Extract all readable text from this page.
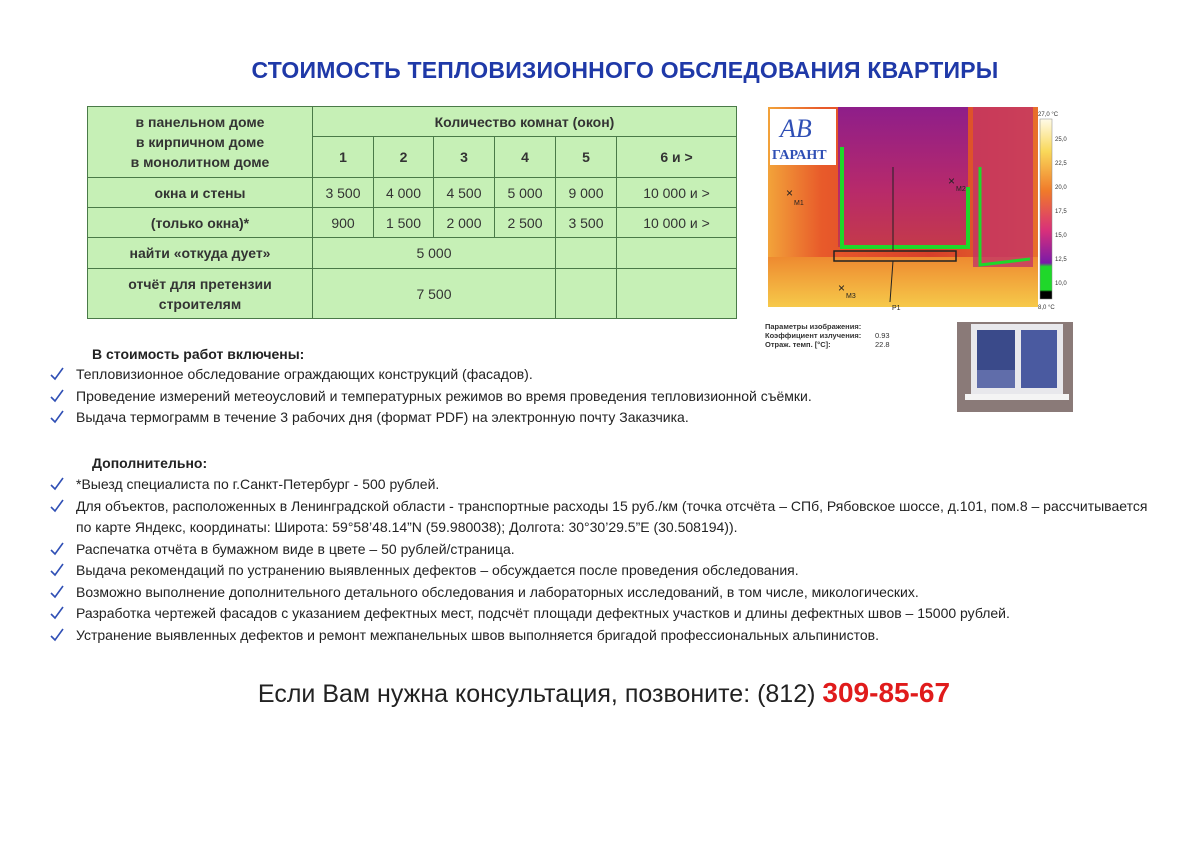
СТОИМОСТЬ ТЕПЛОВИЗИОННОГО ОБСЛЕДОВАНИЯ КВАРТИРЫ
в панельном доме
в кирпичном доме
в монолитном доме	Количество комнат (окон)					
	1	2	3	4	5	6 и >
окна и стены	3 500	4 000	4 500	5 000	9 000	10 000 и >
(только окна)*	900	1 500	2 000	2 500	3 500	10 000 и >
найти «откуда дует»	5 000					

отчёт для претензии
строителям	7 500					
×
M1
×
M2
×
M3
P1
АВ
ГАРАНТ
27,0 °C
8,0 °C
25,0
22,5
20,0
17,5
15,0
12,5
10,0
Параметры изображения:
Коэффициент излучения: 0.93
Отраж. темп. [°C]:	22.8
В стоимость работ включены:
Тепловизионное обследование ограждающих конструкций (фасадов).
Проведение измерений метеоусловий и температурных режимов во время проведения тепловизионной съёмки.
Выдача термограмм в течение 3 рабочих дня (формат PDF) на электронную почту Заказчика.
Дополнительно:
*Выезд специалиста по г.Санкт-Петербург - 500 рублей.
Для объектов, расположенных в Ленинградской области - транспортные расходы 15 руб./км (точка отсчёта – СПб, Рябовское шоссе, д.101, пом.8 – рассчитывается по карте Яндекс, координаты: Широта: 59°58’48.14”N (59.980038); Долгота: 30°30’29.5”E (30.508194)).
Распечатка отчёта в бумажном виде в цвете – 50 рублей/страница.
Выдача рекомендаций по устранению выявленных дефектов – обсуждается после проведения обследования.
Возможно выполнение дополнительного детального обследования и лабораторных исследований, в том числе, микологических.
Разработка чертежей фасадов с указанием дефектных мест, подсчёт площади дефектных участков и длины дефектных швов – 15000 рублей.
Устранение выявленных дефектов и ремонт межпанельных швов выполняется бригадой профессиональных альпинистов.
Если Вам нужна консультация, позвоните: (812) 309-85-67
